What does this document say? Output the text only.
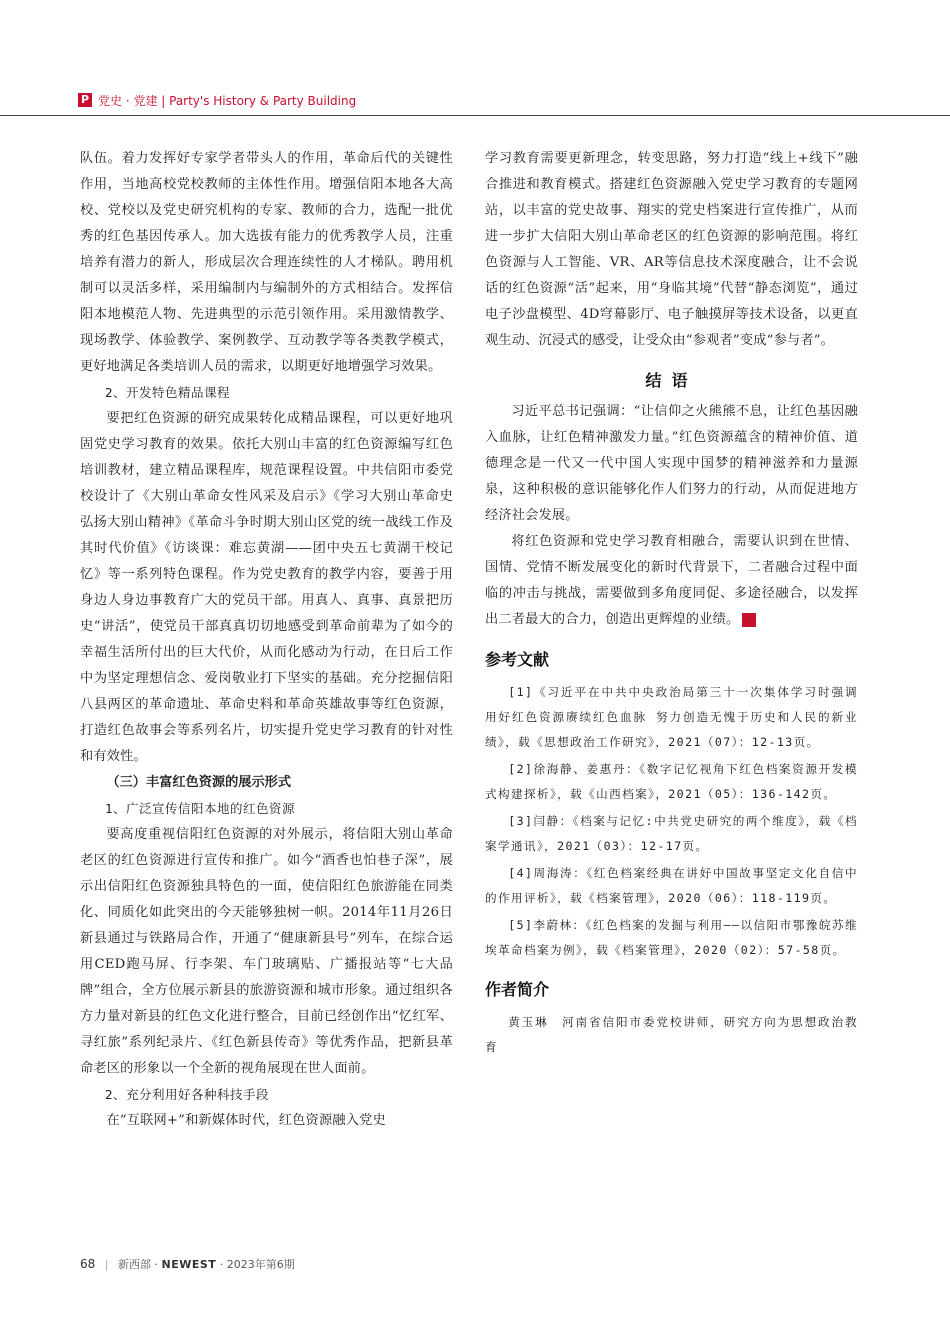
P 党史 · 党建 | Party's History & Party Building

队伍。着力发挥好专家学者带头人的作用，革命后代的关键性作用，当地高校党校教师的主体性作用。增强信阳本地各大高校、党校以及党史研究机构的专家、教师的合力，选配一批优秀的红色基因传承人。加大选拔有能力的优秀教学人员，注重培养有潜力的新人，形成层次合理连续性的人才梯队。聘用机制可以灵活多样，采用编制内与编制外的方式相结合。发挥信阳本地模范人物、先进典型的示范引领作用。采用激情教学、现场教学、体验教学、案例教学、互动教学等各类教学模式，更好地满足各类培训人员的需求，以期更好地增强学习效果。

2、开发特色精品课程

要把红色资源的研究成果转化成精品课程，可以更好地巩固党史学习教育的效果。依托大别山丰富的红色资源编写红色培训教材，建立精品课程库，规范课程设置。中共信阳市委党校设计了《大别山革命女性风采及启示》《学习大别山革命史　弘扬大别山精神》《革命斗争时期大别山区党的统一战线工作及其时代价值》《访谈课：难忘黄湖——团中央五七黄湖干校记忆》等一系列特色课程。作为党史教育的教学内容，要善于用身边人身边事教育广大的党员干部。用真人、真事、真景把历史“讲活”，使党员干部真真切切地感受到革命前辈为了如今的幸福生活所付出的巨大代价，从而化感动为行动，在日后工作中为坚定理想信念、爱岗敬业打下坚实的基础。充分挖掘信阳八县两区的革命遗址、革命史料和革命英雄故事等红色资源，打造红色故事会等系列名片，切实提升党史学习教育的针对性和有效性。

（三）丰富红色资源的展示形式

1、广泛宣传信阳本地的红色资源

要高度重视信阳红色资源的对外展示，将信阳大别山革命老区的红色资源进行宣传和推广。如今“酒香也怕巷子深”，展示出信阳红色资源独具特色的一面，使信阳红色旅游能在同类化、同质化如此突出的今天能够独树一帜。2014年11月26日新县通过与铁路局合作，开通了“健康新县号”列车，在综合运用CED跑马屏、行李架、车门玻璃贴、广播报站等“七大品牌”组合，全方位展示新县的旅游资源和城市形象。通过组织各方力量对新县的红色文化进行整合，目前已经创作出“忆红军、寻红旅”系列纪录片、《红色新县传奇》等优秀作品，把新县革命老区的形象以一个全新的视角展现在世人面前。

2、充分利用好各种科技手段

在“互联网+”和新媒体时代，红色资源融入党史

学习教育需要更新理念，转变思路，努力打造“线上+线下”融合推进和教育模式。搭建红色资源融入党史学习教育的专题网站，以丰富的党史故事、翔实的党史档案进行宣传推广，从而进一步扩大信阳大别山革命老区的红色资源的影响范围。将红色资源与人工智能、VR、AR等信息技术深度融合，让不会说话的红色资源“活”起来，用“身临其境”代替“静态浏览”，通过电子沙盘模型、4D穹幕影厅、电子触摸屏等技术设备，以更直观生动、沉浸式的感受，让受众由“参观者”变成“参与者”。

结语

习近平总书记强调：“让信仰之火熊熊不息，让红色基因融入血脉，让红色精神激发力量。”红色资源蕴含的精神价值、道德理念是一代又一代中国人实现中国梦的精神滋养和力量源泉，这种积极的意识能够化作人们努力的行动，从而促进地方经济社会发展。

将红色资源和党史学习教育相融合，需要认识到在世情、国情、党情不断发展变化的新时代背景下，二者融合过程中面临的冲击与挑战，需要做到多角度同促、多途径融合，以发挥出二者最大的合力，创造出更辉煌的业绩。	蓝

参考文献

[1]《习近平在中共中央政治局第三十一次集体学习时强调 用好红色资源赓续红色血脉 努力创造无愧于历史和人民的新业绩》，载《思想政治工作研究》，2021（07）：12-13页。

[2]徐海静、姜惠丹：《数字记忆视角下红色档案资源开发模式构建探析》，载《山西档案》，2021（05）：136-142页。

[3]闫静：《档案与记忆:中共党史研究的两个维度》，载《档案学通讯》，2021（03）：12-17页。

[4]周海涛：《红色档案经典在讲好中国故事坚定文化自信中的作用评析》，载《档案管理》，2020（06）：118-119页。

[5]李蔚林：《红色档案的发掘与利用——以信阳市鄂豫皖苏维埃革命档案为例》，载《档案管理》，2020（02）：57-58页。

作者简介

黄玉琳　河南省信阳市委党校讲师，研究方向为思想政治教育

68 | 新西部 · NEWEST · 2023年第6期
